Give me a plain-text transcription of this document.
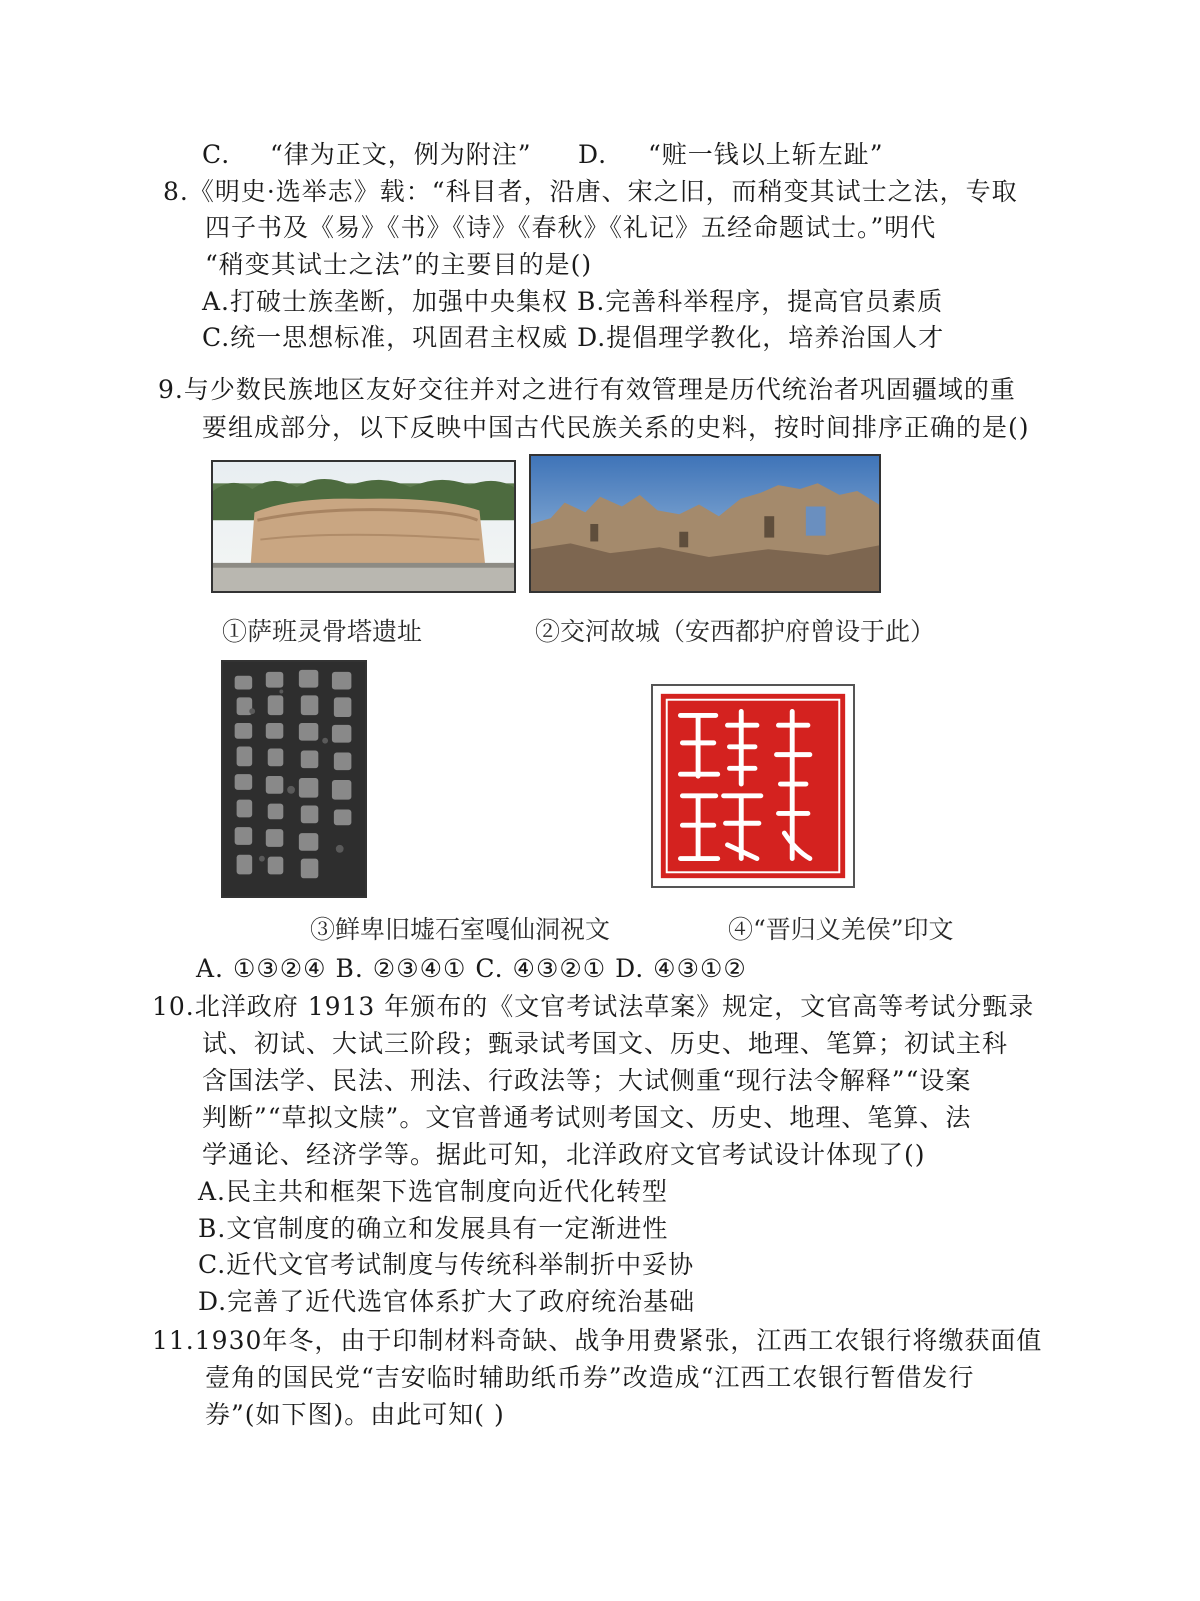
C. “律为正文，例为附注” D. “赃一钱以上斩左趾”
8.《明史·选举志》载：“科目者，沿唐、宋之旧，而稍变其试士之法，专取
四子书及《易》《书》《诗》《春秋》《礼记》五经命题试士。”明代
“稍变其试士之法”的主要目的是()
A.打破士族垄断，加强中央集权 B.完善科举程序，提高官员素质
C.统一思想标准，巩固君主权威 D.提倡理学教化，培养治国人才
9.与少数民族地区友好交往并对之进行有效管理是历代统治者巩固疆域的重
要组成部分，以下反映中国古代民族关系的史料，按时间排序正确的是()
①萨班灵骨塔遗址	②交河故城（安西都护府曾设于此）
③鲜卑旧墟石室嘎仙洞祝文	④“晋归义羌侯”印文
A. ①③②④ B. ②③④① C. ④③②① D. ④③①②
10.北洋政府 1913 年颁布的《文官考试法草案》规定，文官高等考试分甄录
试、初试、大试三阶段；甄录试考国文、历史、地理、笔算；初试主科
含国法学、民法、刑法、行政法等；大试侧重“现行法令解释”“设案
判断”“草拟文牍”。文官普通考试则考国文、历史、地理、笔算、法
学通论、经济学等。据此可知，北洋政府文官考试设计体现了()
A.民主共和框架下选官制度向近代化转型
B.文官制度的确立和发展具有一定渐进性
C.近代文官考试制度与传统科举制折中妥协
D.完善了近代选官体系扩大了政府统治基础
11.1930年冬，由于印制材料奇缺、战争用费紧张，江西工农银行将缴获面值
壹角的国民党“吉安临时辅助纸币券”改造成“江西工农银行暂借发行
券”(如下图)。由此可知( )
